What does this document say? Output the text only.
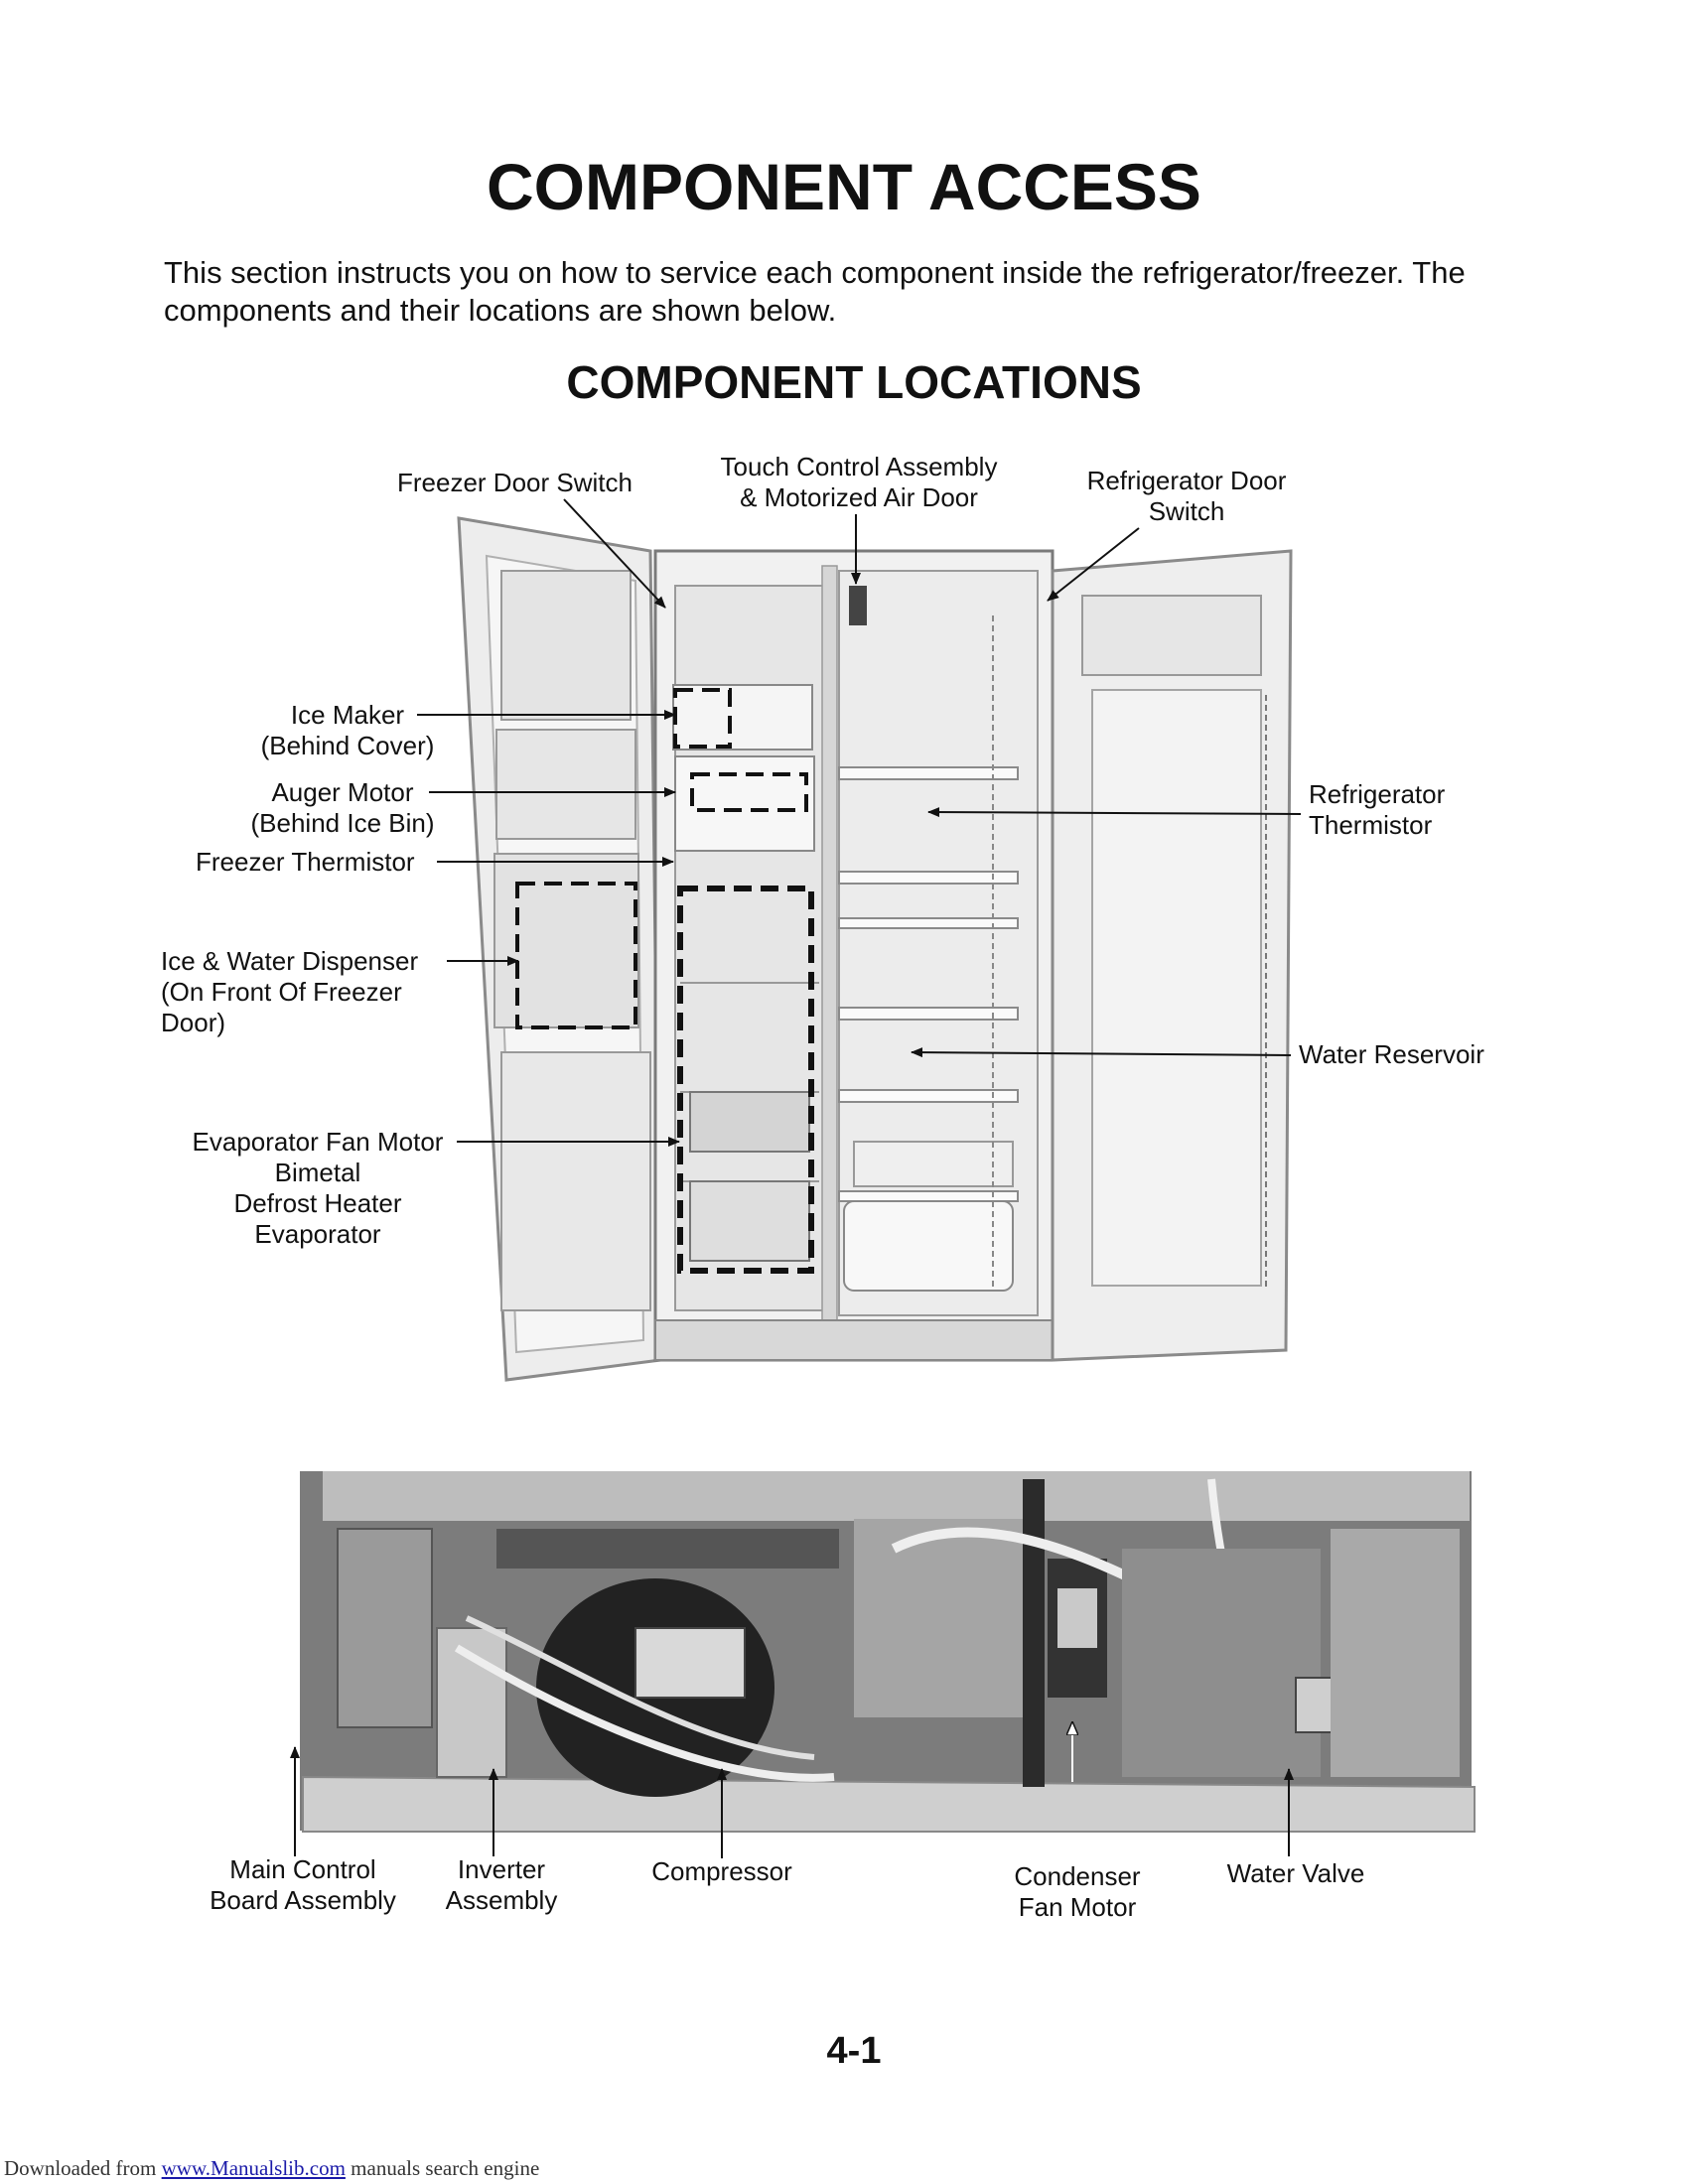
COMPONENT ACCESS

This section instructs you on how to service each component inside the refrigerator/freezer. The components and their locations are shown below.

COMPONENT LOCATIONS
Freezer Door Switch
Touch Control Assembly
& Motorized Air Door
Refrigerator Door
Switch
Ice Maker
(Behind Cover)
Auger Motor
(Behind Ice Bin)
Freezer Thermistor
Ice & Water Dispenser
(On Front Of Freezer
Door)
Evaporator Fan Motor
Bimetal
Defrost Heater
Evaporator
Refrigerator
Thermistor
Water Reservoir
Main Control
Board Assembly
Inverter
Assembly
Compressor	Condenser
Fan Motor
Water Valve
4-1
Downloaded from www.Manualslib.com manuals search engine
